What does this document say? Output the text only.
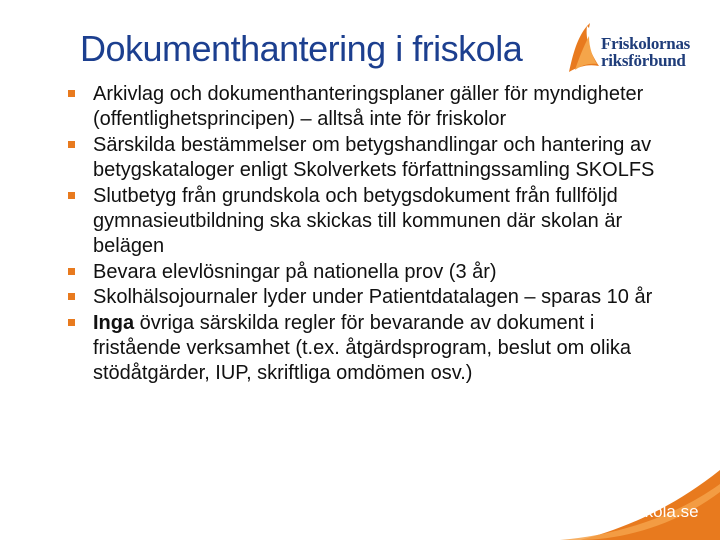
Dokumenthantering i friskola	Friskolornas
riksförbund
Arkivlag och dokumenthanteringsplaner gäller för myndigheter (offentlighetsprincipen) – alltså inte för friskolor
Särskilda bestämmelser om betygshandlingar och hantering av betygskataloger enligt Skolverkets författningssamling SKOLFS
Slutbetyg från grundskola och betygsdokument från fullföljd gymnasieutbildning ska skickas till kommunen där skolan är belägen
Bevara elevlösningar på nationella prov (3 år)
Skolhälsojournaler lyder under Patientdatalagen – sparas 10 år
Inga övriga särskilda regler för bevarande av dokument i fristående verksamhet (t.ex. åtgärdsprogram, beslut om olika stödåtgärder, IUP, skriftliga omdömen osv.)
friskola.se
